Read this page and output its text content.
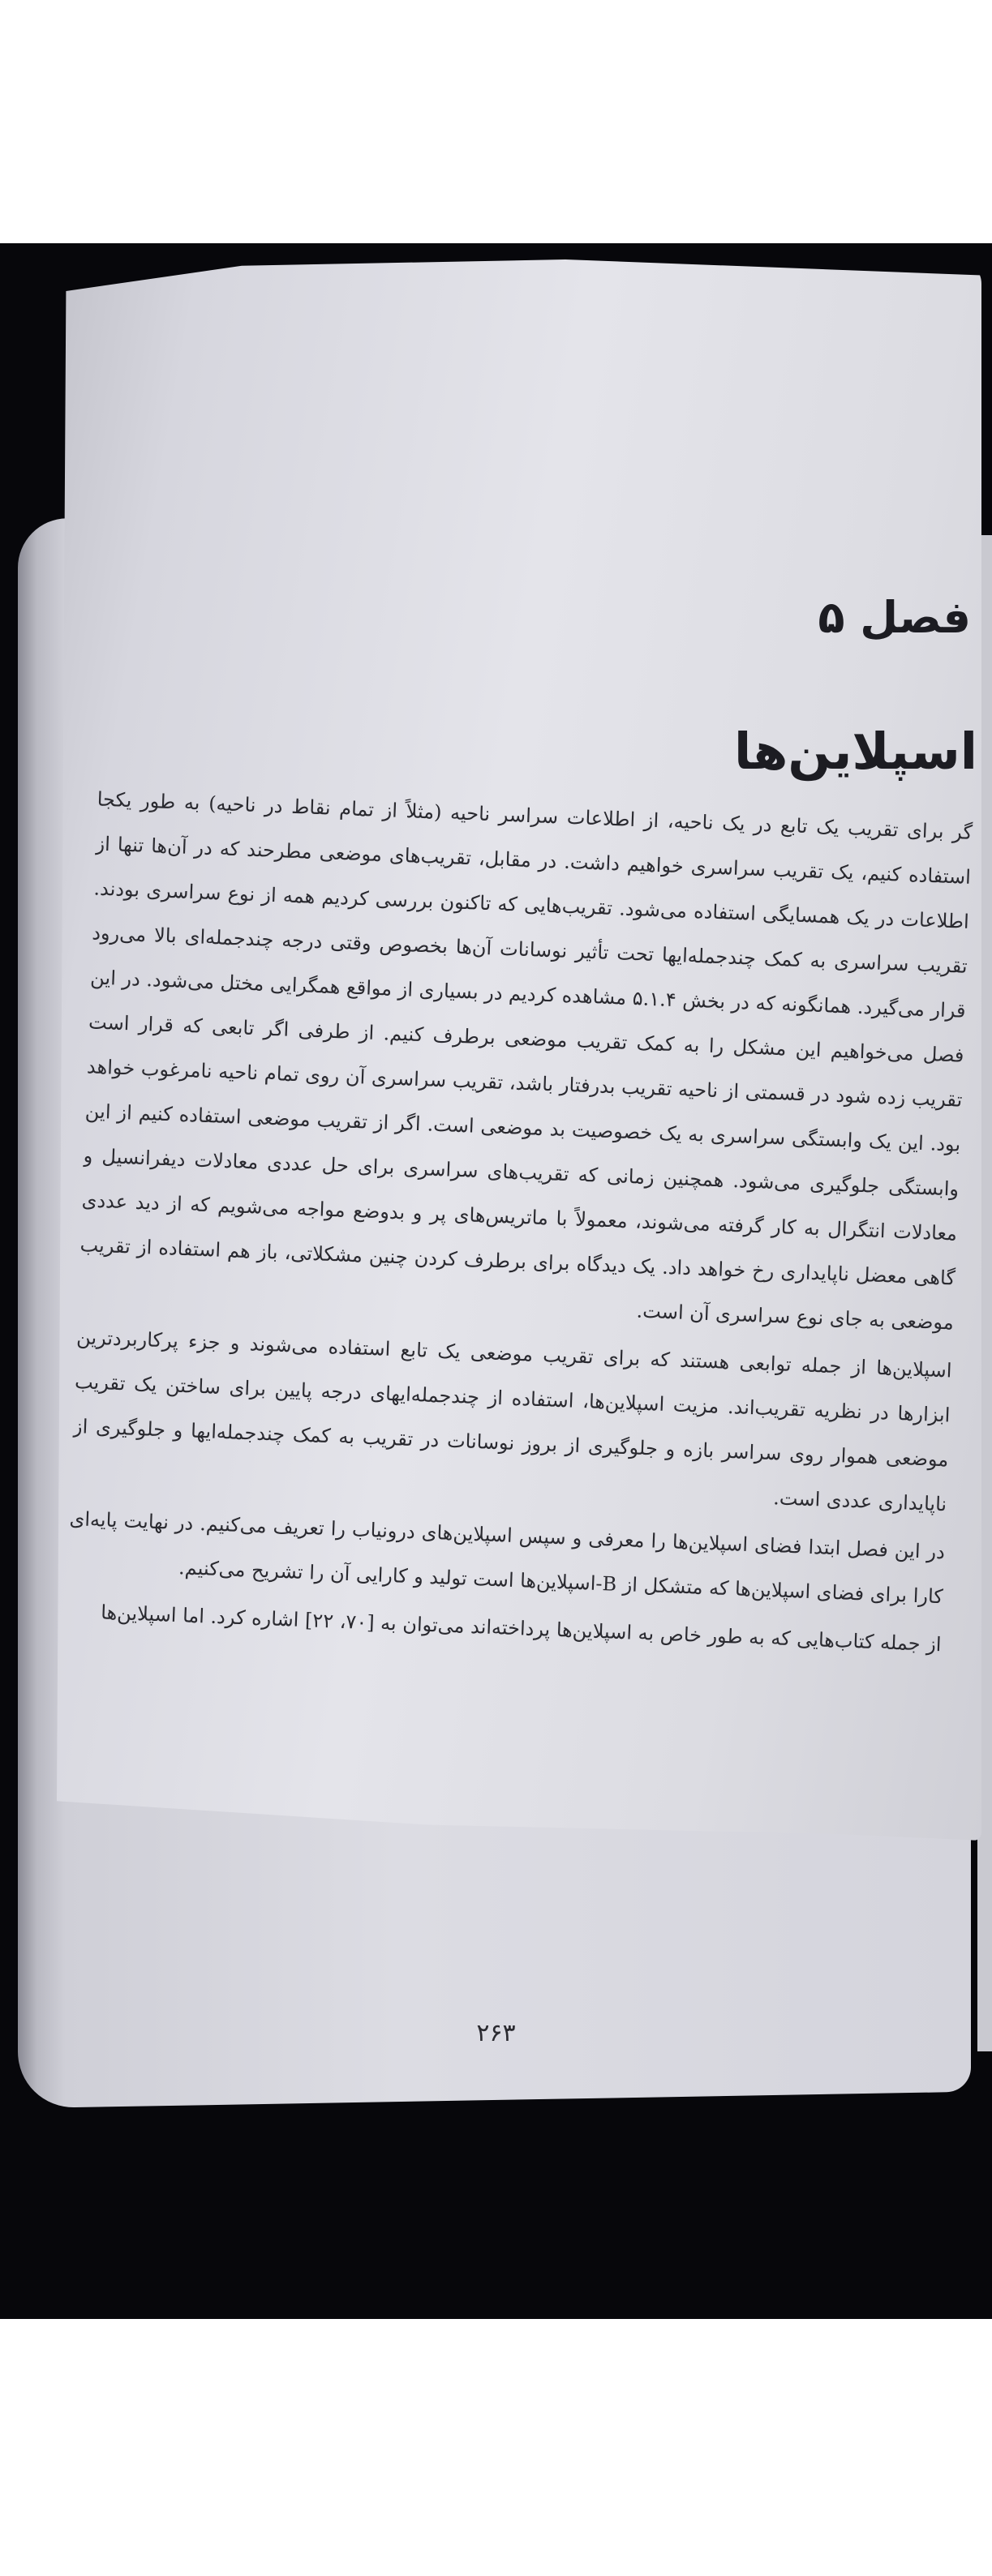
فصل ۵
اسپلاین‌ها

گر برای تقریب یک تابع در یک ناحیه، از اطلاعات سراسر ناحیه (مثلاً از تمام نقاط در ناحیه) به طور یکجا استفاده کنیم، یک تقریب سراسری خواهیم داشت. در مقابل، تقریب‌های موضعی مطرحند که در آن‌ها تنها از اطلاعات در یک همسایگی استفاده می‌شود. تقریب‌هایی که تاکنون بررسی کردیم همه از نوع سراسری بودند. تقریب سراسری به کمک چندجمله‌ایها تحت تأثیر نوسانات آن‌ها بخصوص وقتی درجه چندجمله‌ای بالا می‌رود قرار می‌گیرد. همانگونه که در بخش ۵.۱.۴ مشاهده کردیم در بسیاری از مواقع همگرایی مختل می‌شود. در این فصل می‌خواهیم این مشکل را به کمک تقریب موضعی برطرف کنیم. از طرفی اگر تابعی که قرار است تقریب زده شود در قسمتی از ناحیه تقریب بدرفتار باشد، تقریب سراسری آن روی تمام ناحیه نامرغوب خواهد بود. این یک وابستگی سراسری به یک خصوصیت بد موضعی است. اگر از تقریب موضعی استفاده کنیم از این وابستگی جلوگیری می‌شود. همچنین زمانی که تقریب‌های سراسری برای حل عددی معادلات دیفرانسیل و معادلات انتگرال به کار گرفته می‌شوند، معمولاً با ماتریس‌های پر و بدوضع مواجه می‌شویم که از دید عددی گاهی معضل ناپایداری رخ خواهد داد. یک دیدگاه برای برطرف کردن چنین مشکلاتی، باز هم استفاده از تقریب موضعی به جای نوع سراسری آن است.

اسپلاین‌ها از جمله توابعی هستند که برای تقریب موضعی یک تابع استفاده می‌شوند و جزء پرکاربردترین ابزارها در نظریه تقریب‌اند. مزیت اسپلاین‌ها، استفاده از چندجمله‌ایهای درجه پایین برای ساختن یک تقریب موضعی هموار روی سراسر بازه و جلوگیری از بروز نوسانات در تقریب به کمک چندجمله‌ایها و جلوگیری از ناپایداری عددی است.

در این فصل ابتدا فضای اسپلاین‌ها را معرفی و سپس اسپلاین‌های درونیاب را تعریف می‌کنیم. در نهایت پایه‌ای کارا برای فضای اسپلاین‌ها که متشکل از B-اسپلاین‌ها است تولید و کارایی آن را تشریح می‌کنیم.

از جمله کتاب‌هایی که به طور خاص به اسپلاین‌ها پرداخته‌اند می‌توان به [۷۰، ۲۲] اشاره کرد. اما اسپلاین‌ها

۲۶۳
